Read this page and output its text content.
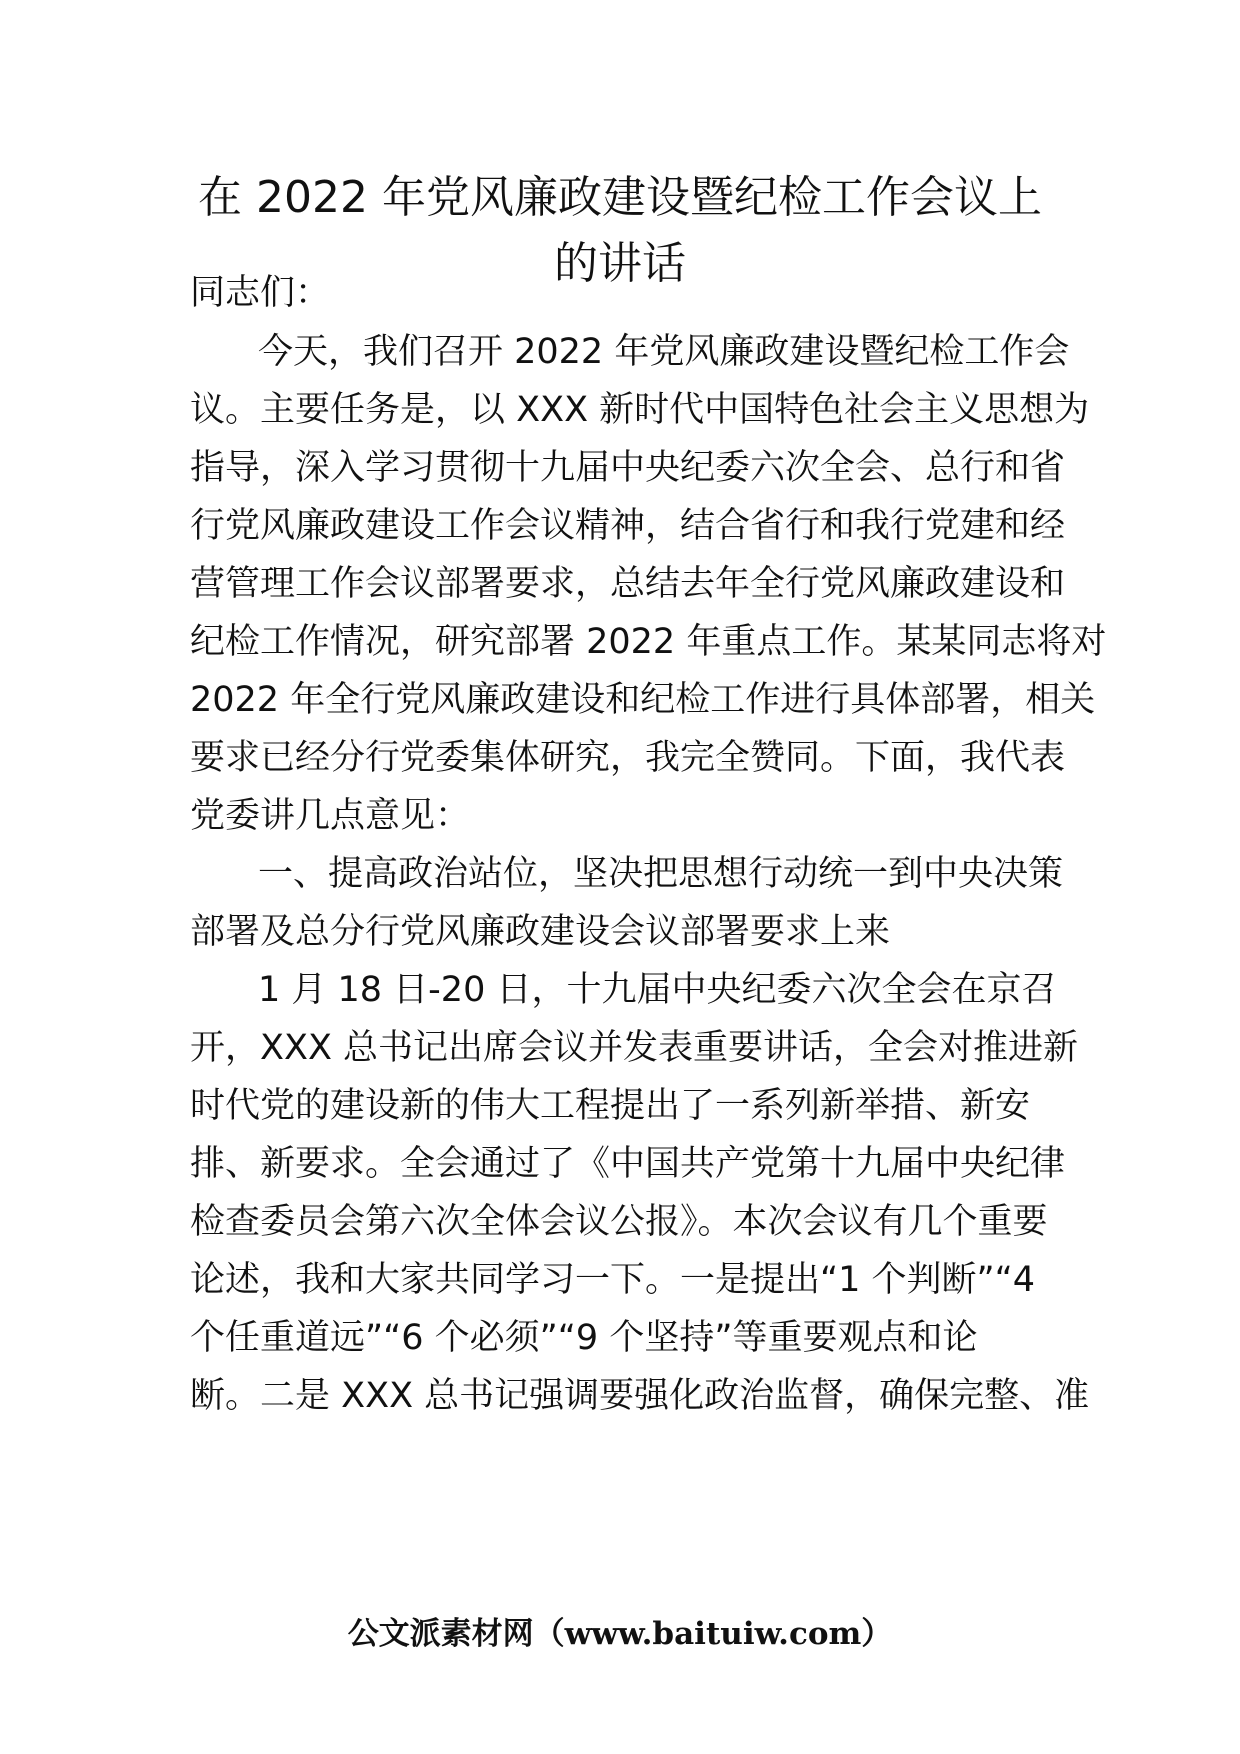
在 2022 年党风廉政建设暨纪检工作会议上
的讲话

同志们：

今天，我们召开 2022 年党风廉政建设暨纪检工作会

议。主要任务是，以 XXX 新时代中国特色社会主义思想为

指导，深入学习贯彻十九届中央纪委六次全会、总行和省

行党风廉政建设工作会议精神，结合省行和我行党建和经

营管理工作会议部署要求，总结去年全行党风廉政建设和

纪检工作情况，研究部署 2022 年重点工作。某某同志将对

2022 年全行党风廉政建设和纪检工作进行具体部署，相关

要求已经分行党委集体研究，我完全赞同。下面，我代表

党委讲几点意见：

一、提高政治站位，坚决把思想行动统一到中央决策

部署及总分行党风廉政建设会议部署要求上来

1 月 18 日-20 日，十九届中央纪委六次全会在京召

开，XXX 总书记出席会议并发表重要讲话，全会对推进新

时代党的建设新的伟大工程提出了一系列新举措、新安

排、新要求。全会通过了《中国共产党第十九届中央纪律

检查委员会第六次全体会议公报》。本次会议有几个重要

论述，我和大家共同学习一下。一是提出“1 个判断”“4

个任重道远”“6 个必须”“9 个坚持”等重要观点和论

断。二是 XXX 总书记强调要强化政治监督，确保完整、准

公文派素材网（www.baituiw.com）
